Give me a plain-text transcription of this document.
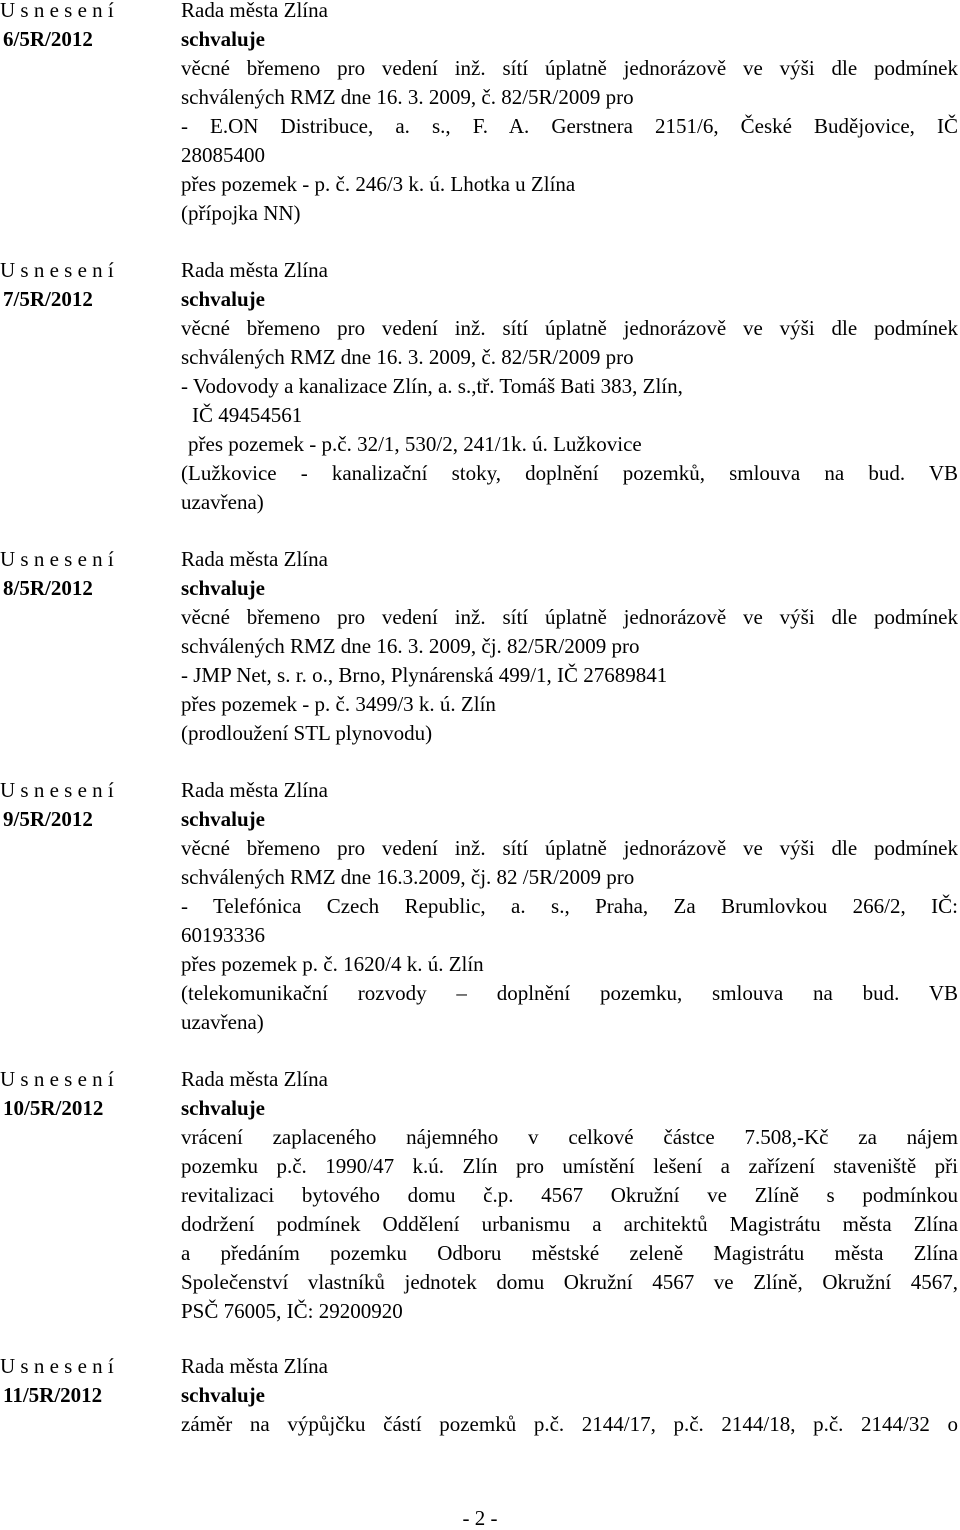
U s n e s e n í
6/5R/2012
Rada města Zlína
schvaluje
věcné břemeno pro vedení inž. sítí úplatně jednorázově ve výši dle podmínek
schválených RMZ dne 16. 3. 2009, č. 82/5R/2009 pro
- E.ON Distribuce, a. s., F. A. Gerstnera 2151/6, České Budějovice, IČ
28085400
přes pozemek - p. č. 246/3 k. ú. Lhotka u Zlína
(přípojka NN)
U s n e s e n í
7/5R/2012
Rada města Zlína
schvaluje
věcné břemeno pro vedení inž. sítí úplatně jednorázově ve výši dle podmínek
schválených RMZ dne 16. 3. 2009, č. 82/5R/2009 pro
- Vodovody a kanalizace Zlín, a. s.,tř. Tomáš Bati 383, Zlín,
IČ 49454561
přes pozemek - p.č. 32/1, 530/2, 241/1k. ú. Lužkovice
(Lužkovice - kanalizační stoky, doplnění pozemků, smlouva na bud. VB
uzavřena)
U s n e s e n í
8/5R/2012
Rada města Zlína
schvaluje
věcné břemeno pro vedení inž. sítí úplatně jednorázově ve výši dle podmínek
schválených RMZ dne 16. 3. 2009, čj. 82/5R/2009 pro
- JMP Net, s. r. o., Brno, Plynárenská 499/1, IČ 27689841
přes pozemek - p. č. 3499/3 k. ú. Zlín
(prodloužení STL plynovodu)
U s n e s e n í
9/5R/2012
Rada města Zlína
schvaluje
věcné břemeno pro vedení inž. sítí úplatně jednorázově ve výši dle podmínek
schválených RMZ dne 16.3.2009, čj. 82 /5R/2009 pro
- Telefónica Czech Republic, a. s., Praha, Za Brumlovkou 266/2, IČ:
60193336
přes pozemek p. č. 1620/4 k. ú. Zlín
(telekomunikační rozvody – doplnění pozemku, smlouva na bud. VB
uzavřena)
U s n e s e n í
10/5R/2012
Rada města Zlína
schvaluje
vrácení zaplaceného nájemného v celkové částce 7.508,-Kč za nájem
pozemku p.č. 1990/47 k.ú. Zlín pro umístění lešení a zařízení staveniště při
revitalizaci bytového domu č.p. 4567 Okružní ve Zlíně s podmínkou
dodržení podmínek Oddělení urbanismu a architektů Magistrátu města Zlína
a předáním pozemku Odboru městské zeleně Magistrátu města Zlína
Společenství vlastníků jednotek domu Okružní 4567 ve Zlíně, Okružní 4567,
PSČ 76005, IČ: 29200920
U s n e s e n í
11/5R/2012
Rada města Zlína
schvaluje
záměr na výpůjčku částí pozemků p.č. 2144/17, p.č. 2144/18, p.č. 2144/32 o
- 2 -
